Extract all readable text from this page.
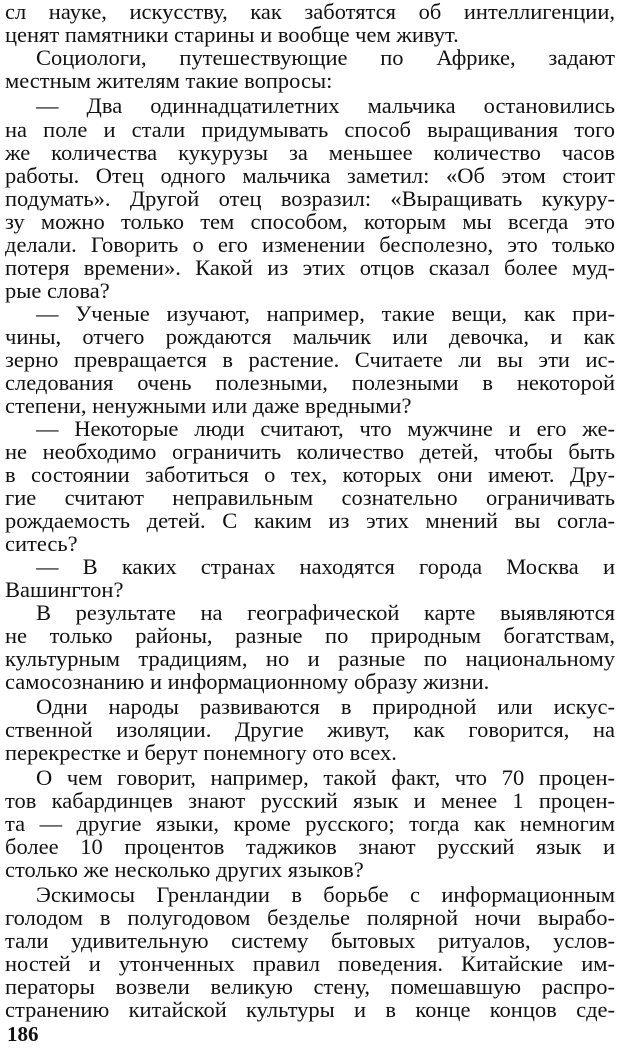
сл науке, искусству, как заботятся об интеллигенции,
ценят памятники старины и вообще чем живут.
Социологи, путешествующие по Африке, задают
местным жителям такие вопросы:
— Два одиннадцатилетних мальчика остановились
на поле и стали придумывать способ выращивания того
же количества кукурузы за меньшее количество часов
работы. Отец одного мальчика заметил: «Об этом стоит
подумать». Другой отец возразил: «Выращивать кукуру-
зу можно только тем способом, которым мы всегда это
делали. Говорить о его изменении бесполезно, это только
потеря времени». Какой из этих отцов сказал более муд-
рые слова?
— Ученые изучают, например, такие вещи, как при-
чины, отчего рождаются мальчик или девочка, и как
зерно превращается в растение. Считаете ли вы эти ис-
следования очень полезными, полезными в некоторой
степени, ненужными или даже вредными?
— Некоторые люди считают, что мужчине и его же-
не необходимо ограничить количество детей, чтобы быть
в состоянии заботиться о тех, которых они имеют. Дру-
гие считают неправильным сознательно ограничивать
рождаемость детей. С каким из этих мнений вы согла-
ситесь?
— В каких странах находятся города Москва и
Вашингтон?
В результате на географической карте выявляются
не только районы, разные по природным богатствам,
культурным традициям, но и разные по национальному
самосознанию и информационному образу жизни.
Одни народы развиваются в природной или искус-
ственной изоляции. Другие живут, как говорится, на
перекрестке и берут понемногу ото всех.
О чем говорит, например, такой факт, что 70 процен-
тов кабардинцев знают русский язык и менее 1 процен-
та — другие языки, кроме русского; тогда как немногим
более 10 процентов таджиков знают русский язык и
столько же несколько других языков?
Эскимосы Гренландии в борьбе с информационным
голодом в полугодовом безделье полярной ночи вырабо-
тали удивительную систему бытовых ритуалов, услов-
ностей и утонченных правил поведения. Китайские им-
ператоры возвели великую стену, помешавшую распро-
странению китайской культуры и в конце концов сде-
186
